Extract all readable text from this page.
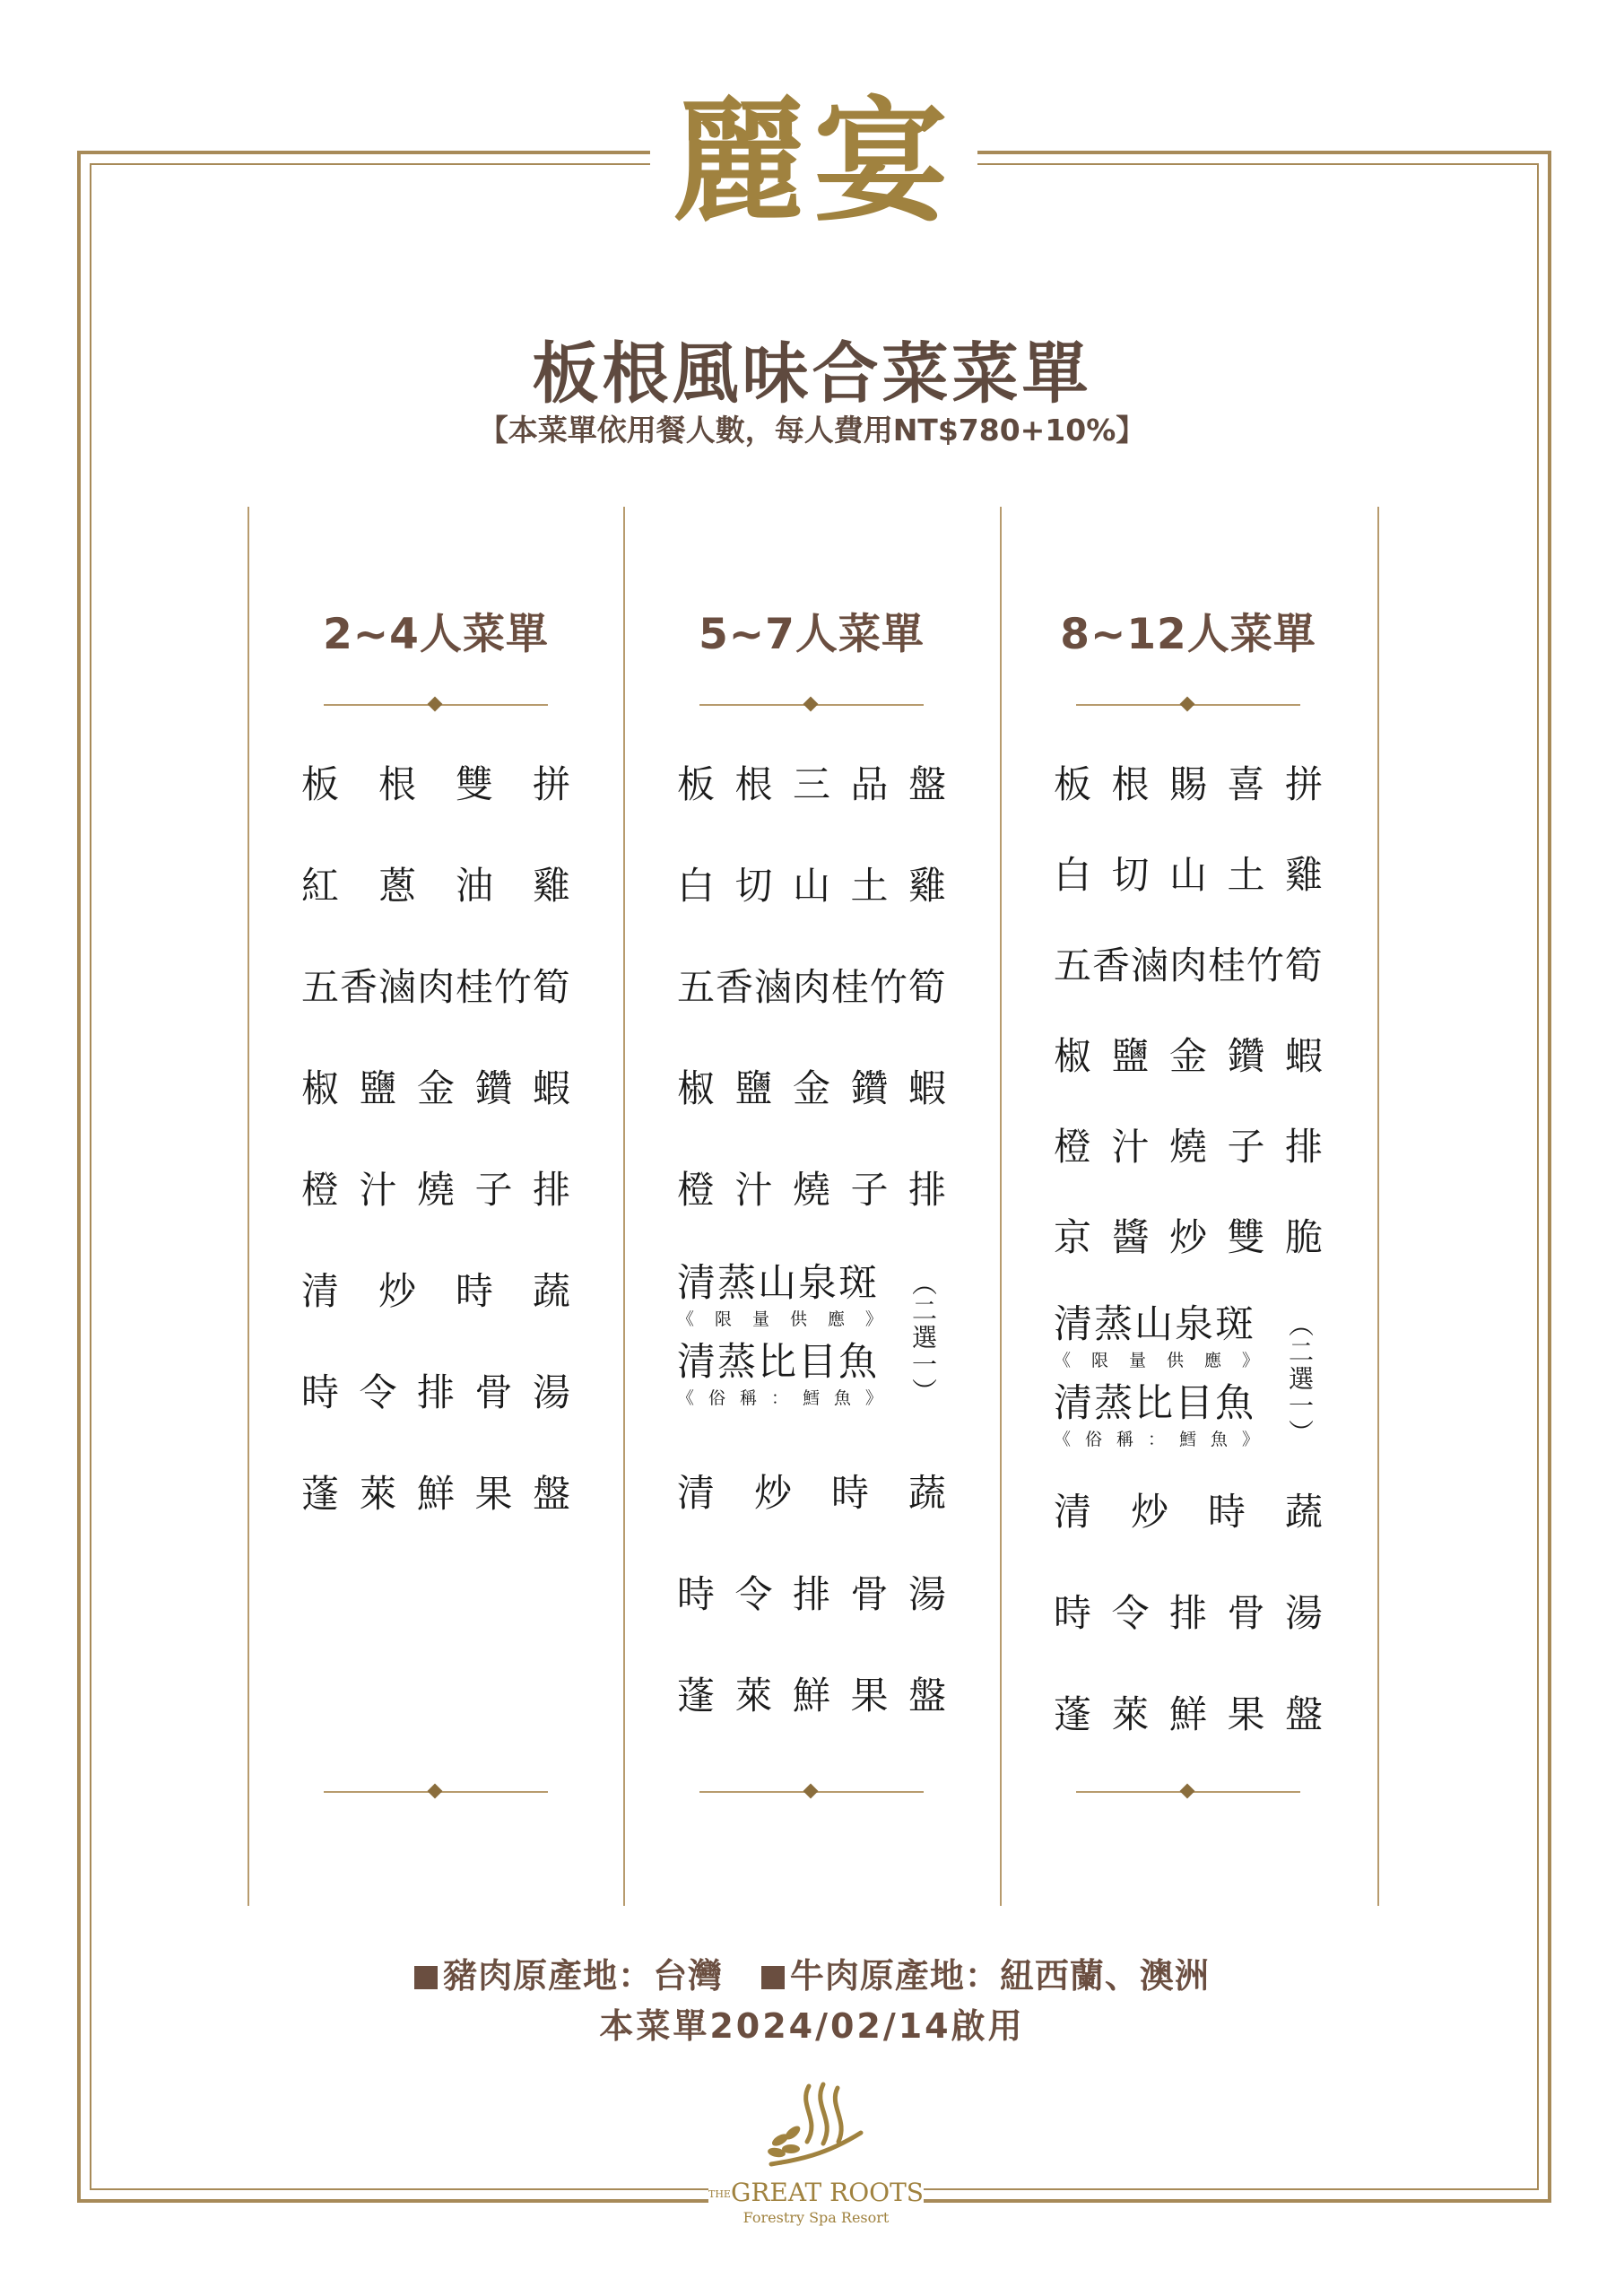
麗宴
板根風味合菜菜單
【本菜單依用餐人數，每人費用NT$780+10%】
2~4人菜單
板 根 雙 拼
紅 蔥 油 雞
五 香 滷 肉 桂 竹 筍
椒 鹽 金 鑽 蝦
橙 汁 燒 子 排
清 炒 時 蔬
時 令 排 骨 湯
蓬 萊 鮮 果 盤
5~7人菜單
板 根 三 品 盤
白 切 山 土 雞
五 香 滷 肉 桂 竹 筍
椒 鹽 金 鑽 蝦
橙 汁 燒 子 排
清蒸山泉斑
《 限 量 供 應 》
清蒸比目魚
《 俗 稱 ： 鱈 魚 》
︵
二
選
一
︶
清 炒 時 蔬
時 令 排 骨 湯
蓬 萊 鮮 果 盤
8~12人菜單
板 根 賜 喜 拼
白 切 山 土 雞
五 香 滷 肉 桂 竹 筍
椒 鹽 金 鑽 蝦
橙 汁 燒 子 排
京 醬 炒 雙 脆
清蒸山泉斑
《 限 量 供 應 》
清蒸比目魚
《 俗 稱 ： 鱈 魚 》
︵
二
選
一
︶
清 炒 時 蔬
時 令 排 骨 湯
蓬 萊 鮮 果 盤
豬肉原產地：台灣 牛肉原產地：紐西蘭、澳洲
本菜單2024/02/14啟用
THEGREAT ROOTS
Forestry Spa Resort
